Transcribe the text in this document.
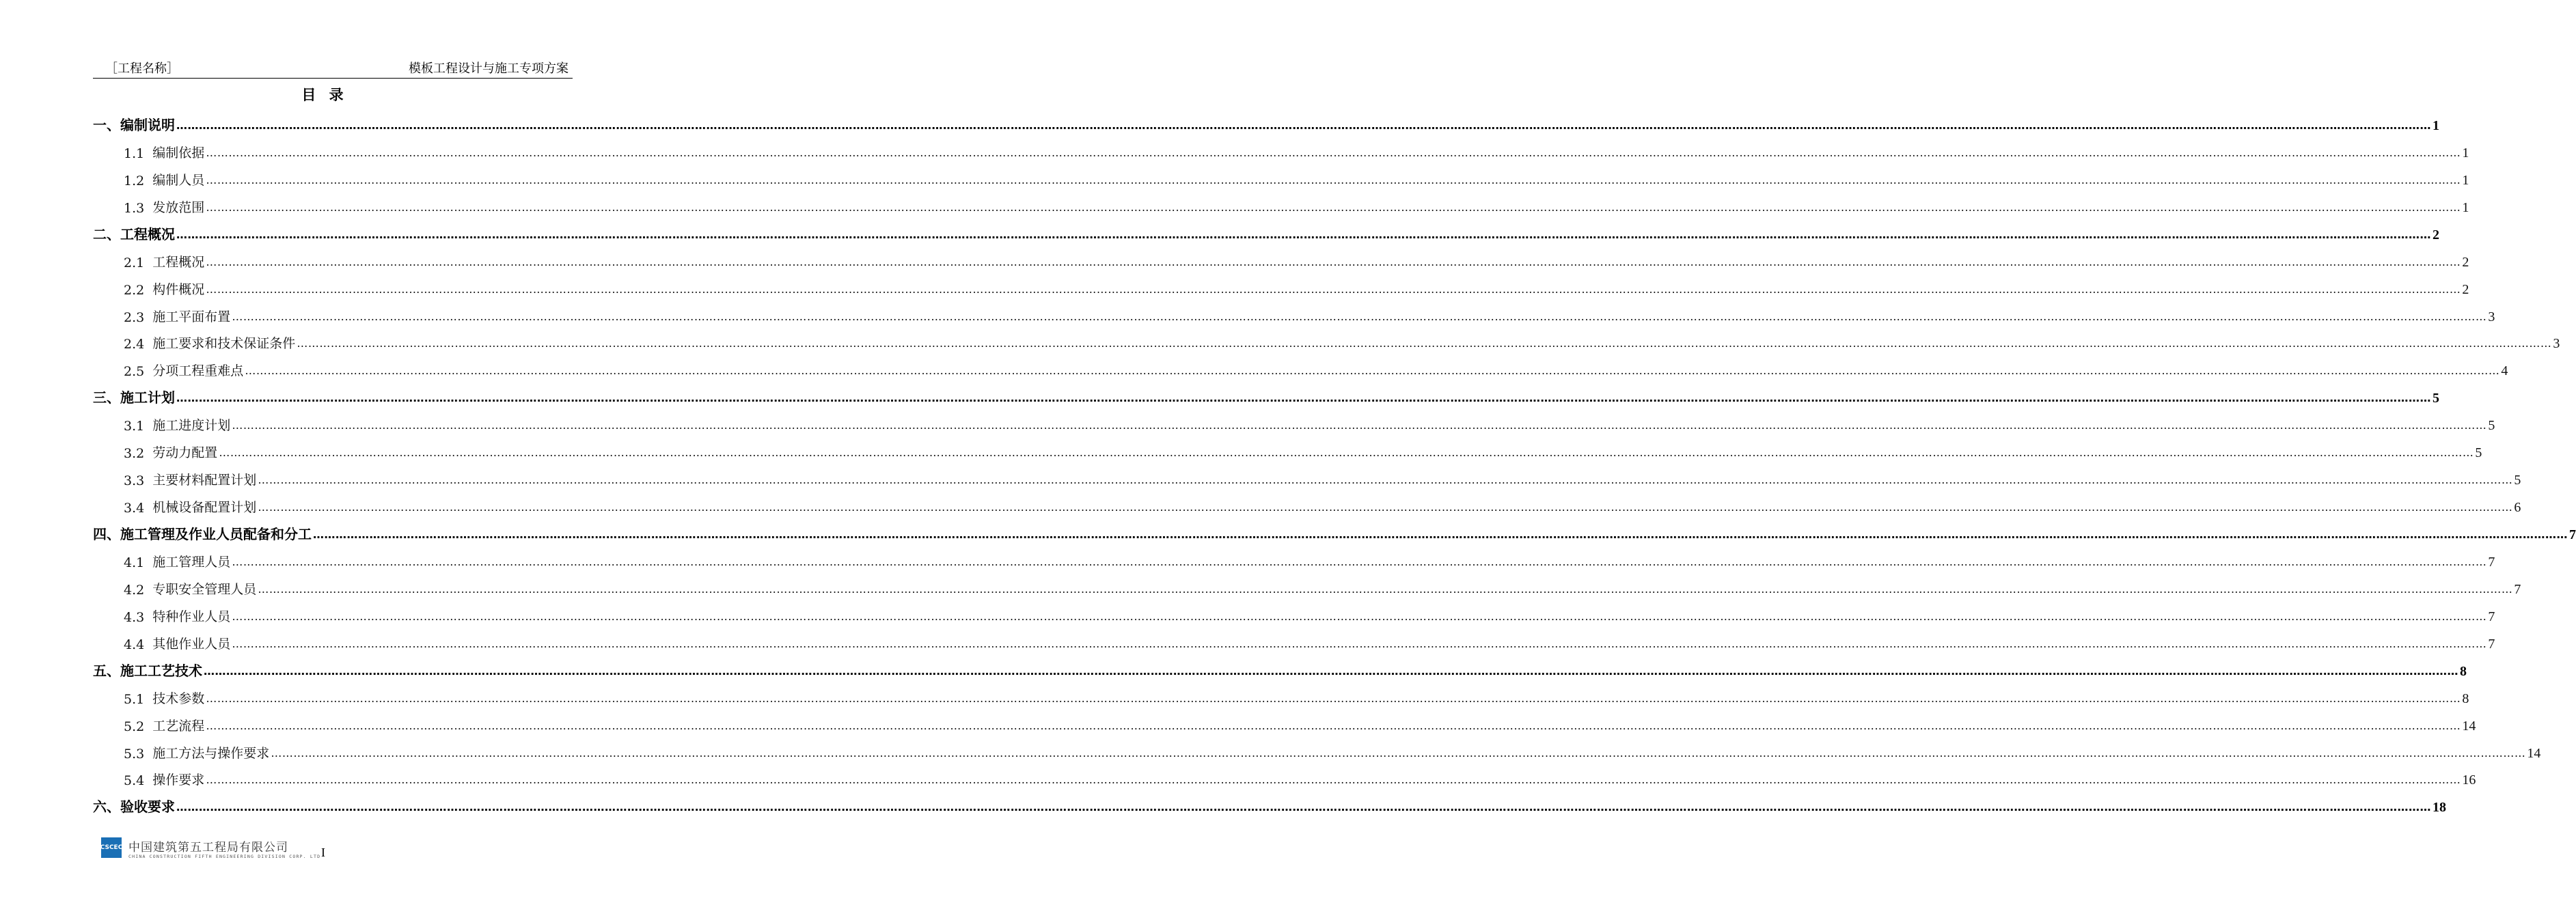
［工程名称］	模板工程设计与施工专项方案
目 录
一、 编制说明 …………………………………………………………………………………………………………………………………………………………………………………………………………………………………………………………………………………………………………………………………………………………………………………………………………………………………………………………………………………………………………………………………………………… 1
1.1 编制依据 …………………………………………………………………………………………………………………………………………………………………………………………………………………………………………………………………………………………………………………………………………………………………………………………………………………………………………………………………………………………………………………………………………………… 1
1.2 编制人员 …………………………………………………………………………………………………………………………………………………………………………………………………………………………………………………………………………………………………………………………………………………………………………………………………………………………………………………………………………………………………………………………………………………… 1
1.3 发放范围 …………………………………………………………………………………………………………………………………………………………………………………………………………………………………………………………………………………………………………………………………………………………………………………………………………………………………………………………………………………………………………………………………………………… 1
二、 工程概况 …………………………………………………………………………………………………………………………………………………………………………………………………………………………………………………………………………………………………………………………………………………………………………………………………………………………………………………………………………………………………………………………………………………… 2
2.1 工程概况 …………………………………………………………………………………………………………………………………………………………………………………………………………………………………………………………………………………………………………………………………………………………………………………………………………………………………………………………………………………………………………………………………………………… 2
2.2 构件概况 …………………………………………………………………………………………………………………………………………………………………………………………………………………………………………………………………………………………………………………………………………………………………………………………………………………………………………………………………………………………………………………………………………………… 2
2.3 施工平面布置 …………………………………………………………………………………………………………………………………………………………………………………………………………………………………………………………………………………………………………………………………………………………………………………………………………………………………………………………………………………………………………………………………………………… 3
2.4 施工要求和技术保证条件 …………………………………………………………………………………………………………………………………………………………………………………………………………………………………………………………………………………………………………………………………………………………………………………………………………………………………………………………………………………………………………………………………………………… 3
2.5 分项工程重难点 …………………………………………………………………………………………………………………………………………………………………………………………………………………………………………………………………………………………………………………………………………………………………………………………………………………………………………………………………………………………………………………………………………………… 4
三、 施工计划 …………………………………………………………………………………………………………………………………………………………………………………………………………………………………………………………………………………………………………………………………………………………………………………………………………………………………………………………………………………………………………………………………………………… 5
3.1 施工进度计划 …………………………………………………………………………………………………………………………………………………………………………………………………………………………………………………………………………………………………………………………………………………………………………………………………………………………………………………………………………………………………………………………………………………… 5
3.2 劳动力配置 …………………………………………………………………………………………………………………………………………………………………………………………………………………………………………………………………………………………………………………………………………………………………………………………………………………………………………………………………………………………………………………………………………………… 5
3.3 主要材料配置计划 …………………………………………………………………………………………………………………………………………………………………………………………………………………………………………………………………………………………………………………………………………………………………………………………………………………………………………………………………………………………………………………………………………………… 5
3.4 机械设备配置计划 …………………………………………………………………………………………………………………………………………………………………………………………………………………………………………………………………………………………………………………………………………………………………………………………………………………………………………………………………………………………………………………………………………………… 6
四、 施工管理及作业人员配备和分工 …………………………………………………………………………………………………………………………………………………………………………………………………………………………………………………………………………………………………………………………………………………………………………………………………………………………………………………………………………………………………………………………………………………… 7
4.1 施工管理人员 …………………………………………………………………………………………………………………………………………………………………………………………………………………………………………………………………………………………………………………………………………………………………………………………………………………………………………………………………………………………………………………………………………………… 7
4.2 专职安全管理人员 …………………………………………………………………………………………………………………………………………………………………………………………………………………………………………………………………………………………………………………………………………………………………………………………………………………………………………………………………………………………………………………………………………………… 7
4.3 特种作业人员 …………………………………………………………………………………………………………………………………………………………………………………………………………………………………………………………………………………………………………………………………………………………………………………………………………………………………………………………………………………………………………………………………………………… 7
4.4 其他作业人员 …………………………………………………………………………………………………………………………………………………………………………………………………………………………………………………………………………………………………………………………………………………………………………………………………………………………………………………………………………………………………………………………………………………… 7
五、 施工工艺技术 …………………………………………………………………………………………………………………………………………………………………………………………………………………………………………………………………………………………………………………………………………………………………………………………………………………………………………………………………………………………………………………………………………………… 8
5.1 技术参数 …………………………………………………………………………………………………………………………………………………………………………………………………………………………………………………………………………………………………………………………………………………………………………………………………………………………………………………………………………………………………………………………………………………… 8
5.2 工艺流程 …………………………………………………………………………………………………………………………………………………………………………………………………………………………………………………………………………………………………………………………………………………………………………………………………………………………………………………………………………………………………………………………………………………… 14
5.3 施工方法与操作要求 …………………………………………………………………………………………………………………………………………………………………………………………………………………………………………………………………………………………………………………………………………………………………………………………………………………………………………………………………………………………………………………………………………………… 14
5.4 操作要求 …………………………………………………………………………………………………………………………………………………………………………………………………………………………………………………………………………………………………………………………………………………………………………………………………………………………………………………………………………………………………………………………………………………… 16
六、 验收要求 …………………………………………………………………………………………………………………………………………………………………………………………………………………………………………………………………………………………………………………………………………………………………………………………………………………………………………………………………………………………………………………………………………………… 18
CSCEC 中国建筑第五工程局有限公司
CHINA CONSTRUCTION FIFTH ENGINEERING DIVISION CORP. LTD I
